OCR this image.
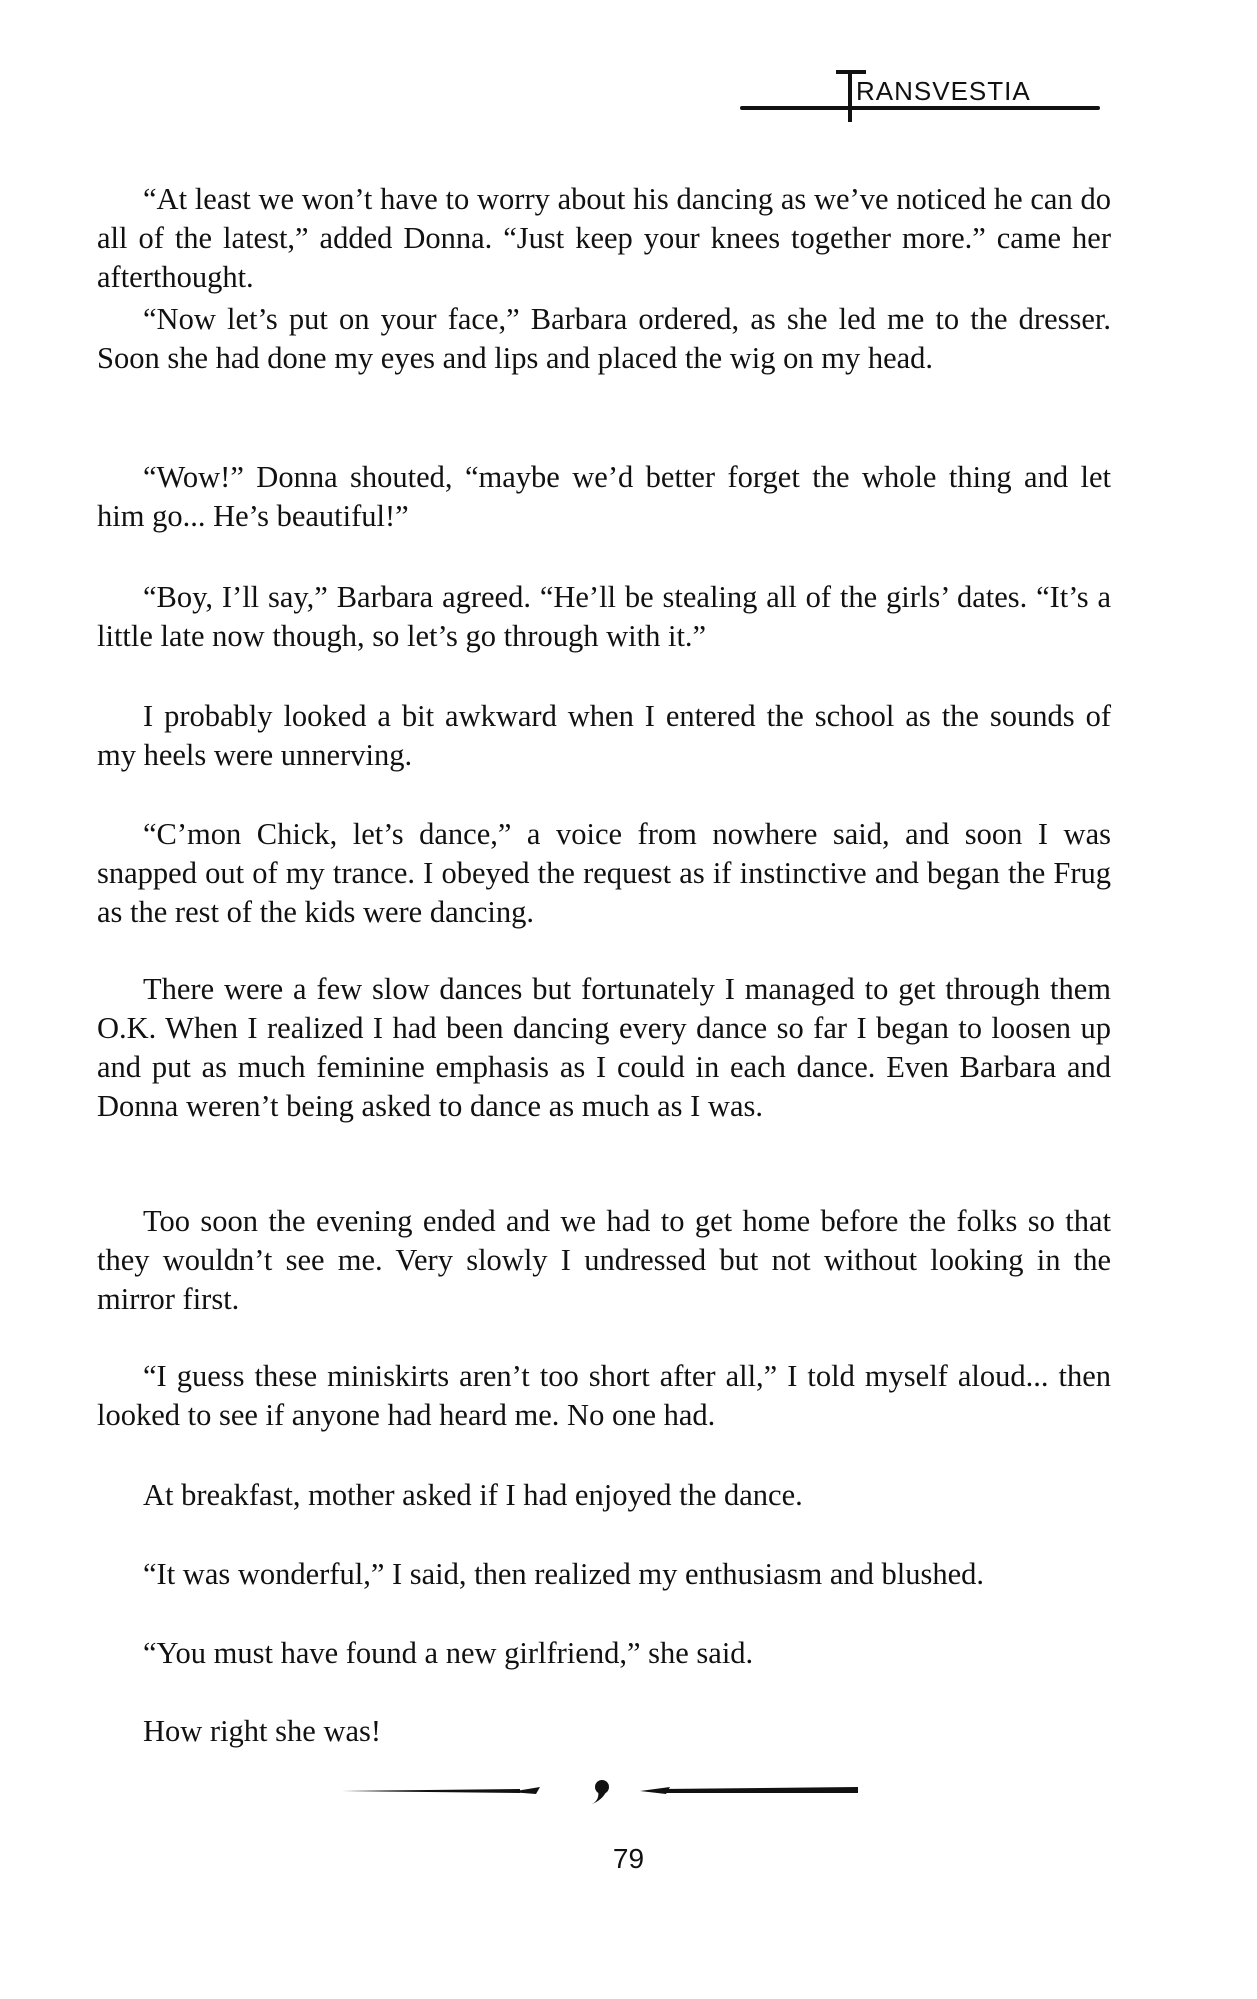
RANSVESTIA

“At least we won’t have to worry about his dancing as we’ve noticed he can do all of the latest,” added Donna. “Just keep your knees together more.” came her afterthought.

“Now let’s put on your face,” Barbara ordered, as she led me to the dresser. Soon she had done my eyes and lips and placed the wig on my head.

“Wow!” Donna shouted, “maybe we’d better forget the whole thing and let him go... He’s beautiful!”

“Boy, I’ll say,” Barbara agreed. “He’ll be stealing all of the girls’ dates. “It’s a little late now though, so let’s go through with it.”

I probably looked a bit awkward when I entered the school as the sounds of my heels were unnerving.

“C’mon Chick, let’s dance,” a voice from nowhere said, and soon I was snapped out of my trance. I obeyed the request as if instinctive and began the Frug as the rest of the kids were dancing.

There were a few slow dances but fortunately I managed to get through them O.K. When I realized I had been dancing every dance so far I began to loosen up and put as much feminine emphasis as I could in each dance. Even Barbara and Donna weren’t being asked to dance as much as I was.

Too soon the evening ended and we had to get home before the folks so that they wouldn’t see me. Very slowly I undressed but not without looking in the mirror first.

“I guess these miniskirts aren’t too short after all,” I told myself aloud... then looked to see if anyone had heard me. No one had.

At breakfast, mother asked if I had enjoyed the dance.

“It was wonderful,” I said, then realized my enthusiasm and blushed.

“You must have found a new girlfriend,” she said.

How right she was!

79
